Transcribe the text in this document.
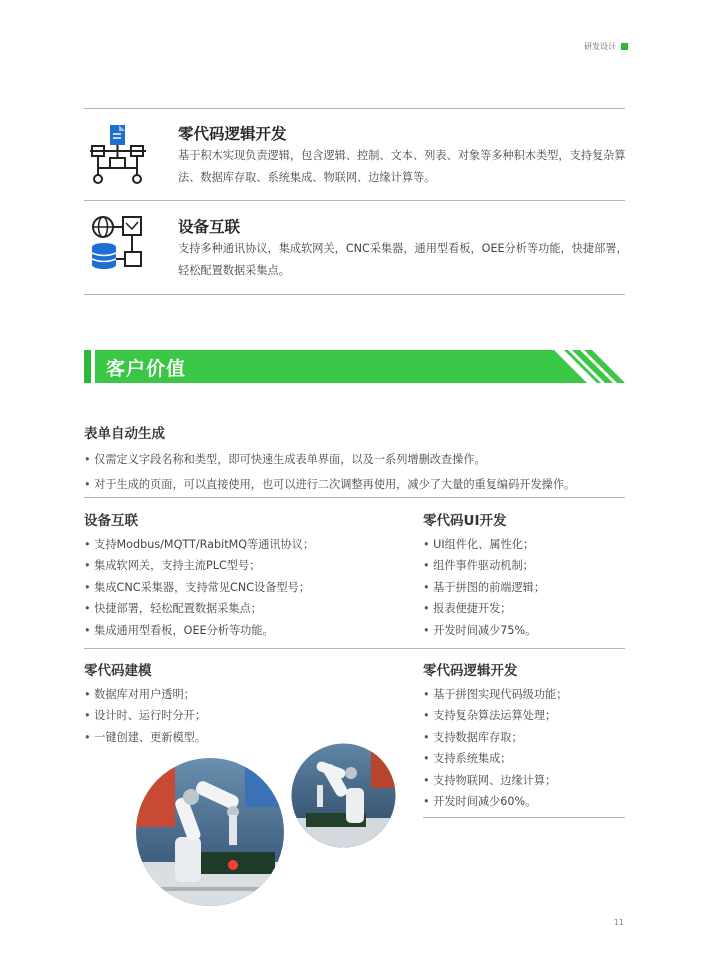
研发设计
零代码逻辑开发
基于积木实现负责逻辑，包含逻辑、控制、文本、列表、对象等多种积木类型，支持复杂算法、数据库存取、系统集成、物联网、边缘计算等。
设备互联
支持多种通讯协议，集成软网关，CNC采集器，通用型看板，OEE分析等功能，快捷部署，轻松配置数据采集点。
客户价值
表单自动生成
• 仅需定义字段名称和类型，即可快速生成表单界面，以及一系列增删改查操作。
• 对于生成的页面，可以直接使用，也可以进行二次调整再使用，减少了大量的重复编码开发操作。
设备互联
• 支持Modbus/MQTT/RabitMQ等通讯协议；
• 集成软网关，支持主流PLC型号；
• 集成CNC采集器，支持常见CNC设备型号；
• 快捷部署，轻松配置数据采集点；
• 集成通用型看板，OEE分析等功能。
零代码UI开发
• UI组件化、属性化；
• 组件事件驱动机制；
• 基于拼图的前端逻辑；
• 报表便捷开发；
• 开发时间减少75%。
零代码建模
• 数据库对用户透明；
• 设计时、运行时分开；
• 一键创建、更新模型。
零代码逻辑开发
• 基于拼图实现代码级功能；
• 支持复杂算法运算处理；
• 支持数据库存取；
• 支持系统集成；
• 支持物联网、边缘计算；
• 开发时间减少60%。
11
